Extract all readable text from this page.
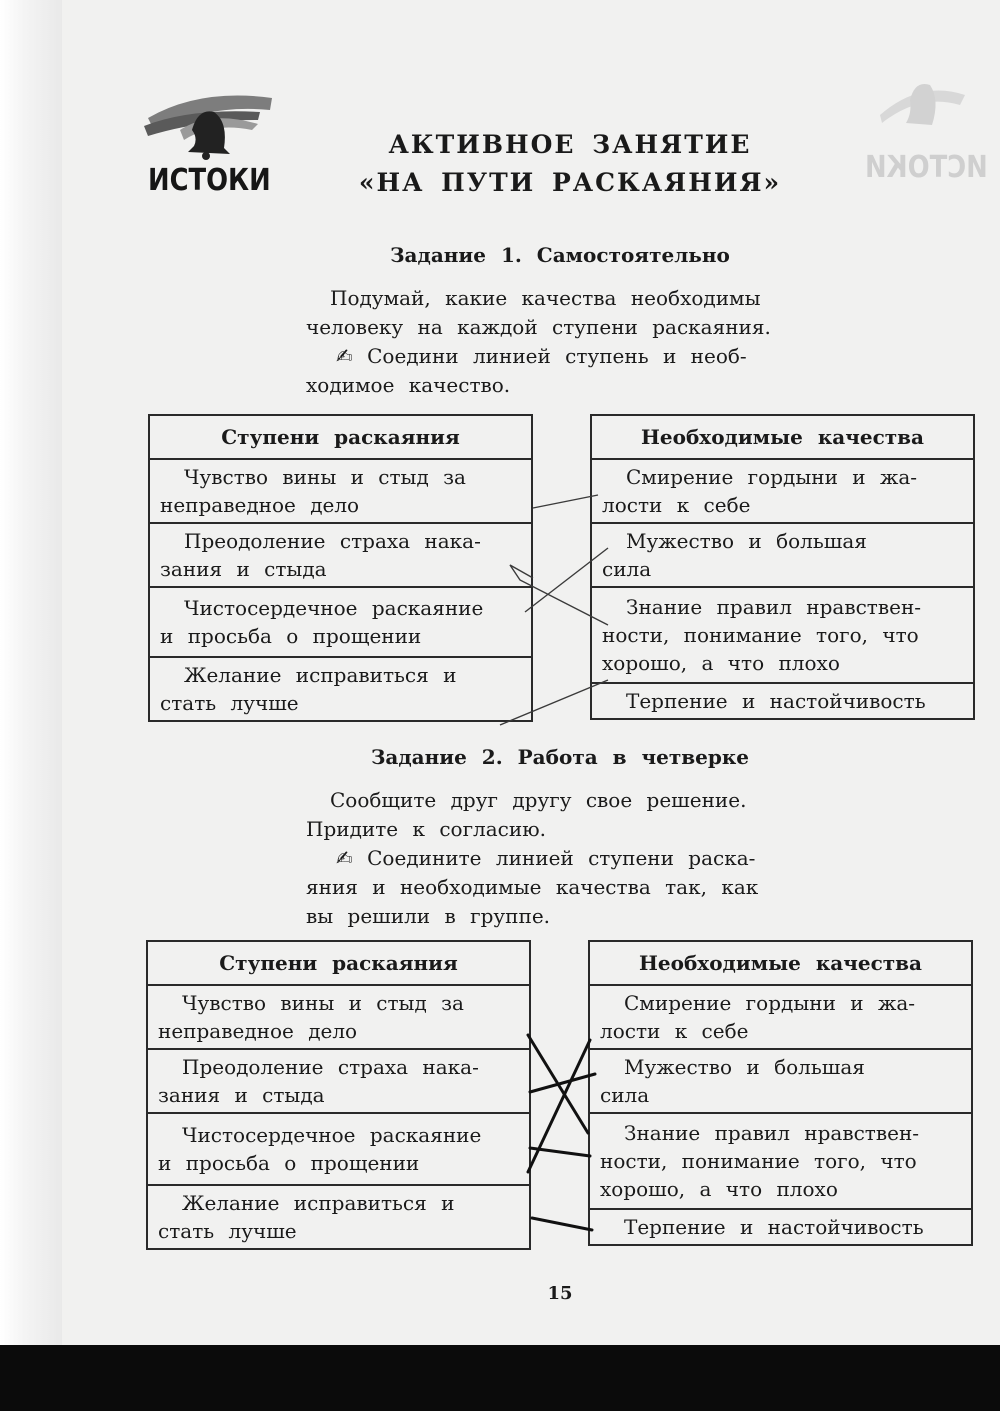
ИСТОКИ
ИСТОКИ
АКТИВНОЕ ЗАНЯТИЕ
«НА ПУТИ РАСКАЯНИЯ»
Задание 1. Самостоятельно
Подумай, какие качества необходимы
человеку на каждой ступени раскаяния.
✍ Соедини линией ступень и необ-
ходимое качество.
Ступени раскаяния

Чувство вины и стыд за
неправедное дело

Преодоление страха нака-
зания и стыда

Чистосердечное раскаяние
и просьба о прощении

Желание исправиться и
стать лучше
Необходимые качества

Смирение гордыни и жа-
лости к себе

Мужество и большая
сила

Знание правил нравствен-
ности, понимание того, что
хорошо, а что плохо

Терпение и настойчивость
Задание 2. Работа в четверке
Сообщите друг другу свое решение.
Придите к согласию.
✍ Соедините линией ступени раска-
яния и необходимые качества так, как
вы решили в группе.
Ступени раскаяния

Чувство вины и стыд за
неправедное дело

Преодоление страха нака-
зания и стыда

Чистосердечное раскаяние
и просьба о прощении

Желание исправиться и
стать лучше
Необходимые качества

Смирение гордыни и жа-
лости к себе

Мужество и большая
сила

Знание правил нравствен-
ности, понимание того, что
хорошо, а что плохо

Терпение и настойчивость
15
